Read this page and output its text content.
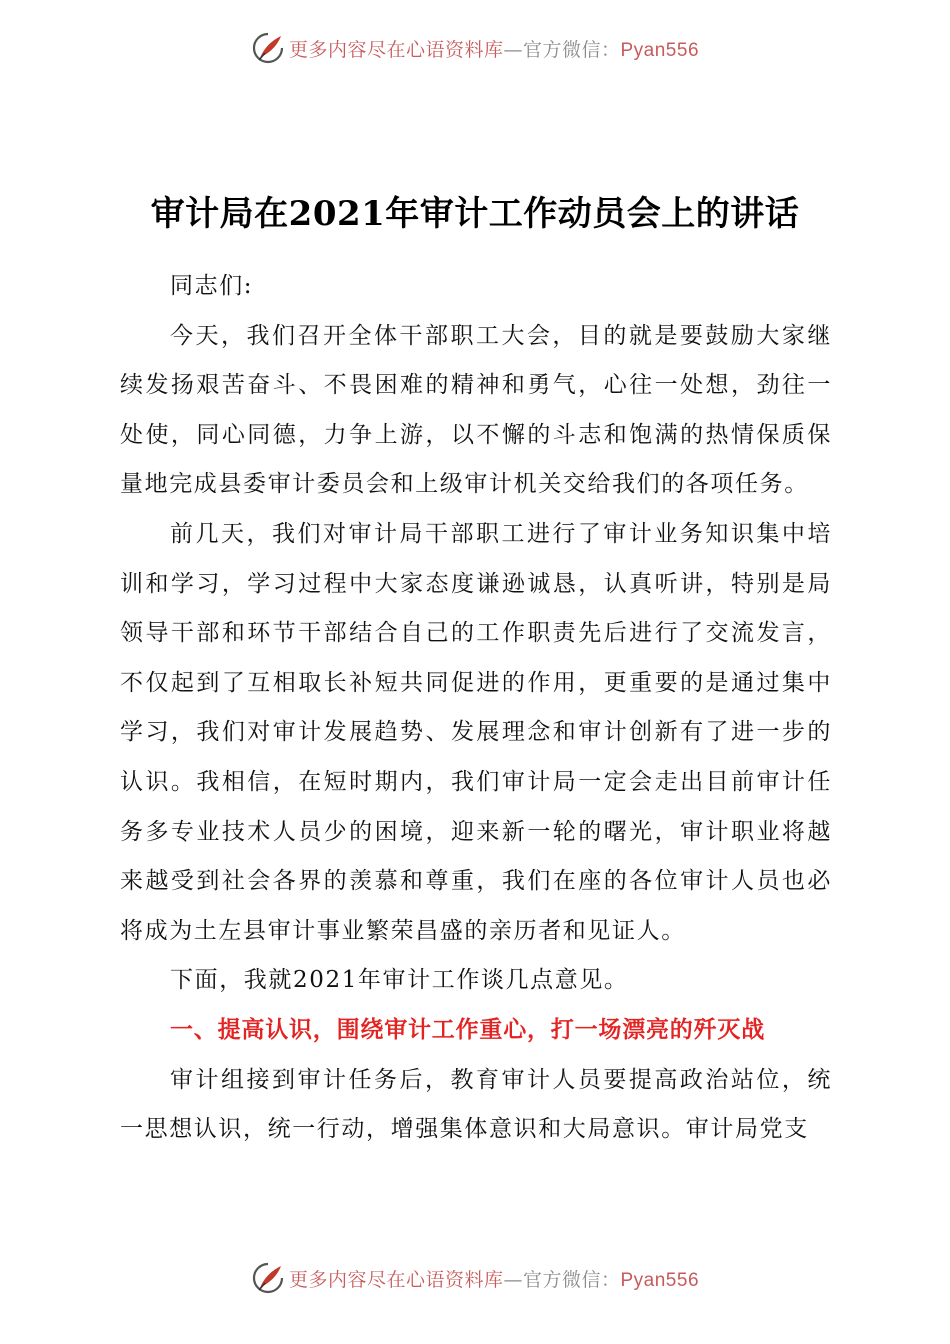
更多内容尽在心语资料库—官方微信：Pyan556
审计局在2021年审计工作动员会上的讲话

同志们:

今天，我们召开全体干部职工大会，目的就是要鼓励大家继续发扬艰苦奋斗、不畏困难的精神和勇气，心往一处想，劲往一处使，同心同德，力争上游，以不懈的斗志和饱满的热情保质保量地完成县委审计委员会和上级审计机关交给我们的各项任务。

前几天，我们对审计局干部职工进行了审计业务知识集中培训和学习，学习过程中大家态度谦逊诚恳，认真听讲，特别是局领导干部和环节干部结合自己的工作职责先后进行了交流发言，不仅起到了互相取长补短共同促进的作用，更重要的是通过集中学习，我们对审计发展趋势、发展理念和审计创新有了进一步的认识。我相信，在短时期内，我们审计局一定会走出目前审计任务多专业技术人员少的困境，迎来新一轮的曙光，审计职业将越来越受到社会各界的羡慕和尊重，我们在座的各位审计人员也必将成为土左县审计事业繁荣昌盛的亲历者和见证人。

下面，我就2021年审计工作谈几点意见。

一、提高认识，围绕审计工作重心，打一场漂亮的歼灭战

审计组接到审计任务后，教育审计人员要提高政治站位，统一思想认识，统一行动，增强集体意识和大局意识。审计局党支

更多内容尽在心语资料库—官方微信：Pyan556
